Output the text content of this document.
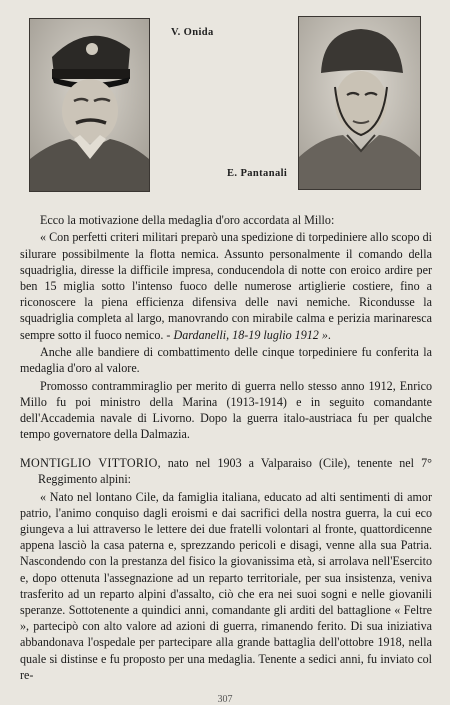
V. Onida
E. Pantanali

Ecco la motivazione della medaglia d'oro accordata al Millo:

« Con perfetti criteri militari preparò una spedizione di torpediniere allo scopo di silurare possibilmente la flotta nemica. Assunto personalmente il comando della squadriglia, diresse la difficile impresa, conducendola di notte con eroico ardire per ben 15 miglia sotto l'intenso fuoco delle numerose artiglierie costiere, fino a riconoscere la piena efficienza difensiva delle navi nemiche. Ricondusse la squadriglia completa al largo, manovrando con mirabile calma e perizia marinaresca sempre sotto il fuoco nemico. - Dardanelli, 18-19 luglio 1912 ».

Anche alle bandiere di combattimento delle cinque torpediniere fu conferita la medaglia d'oro al valore.

Promosso contrammiraglio per merito di guerra nello stesso anno 1912, Enrico Millo fu poi ministro della Marina (1913-1914) e in seguito comandante dell'Accademia navale di Livorno. Dopo la guerra italo-austriaca fu per qualche tempo governatore della Dalmazia.

MONTIGLIO VITTORIO, nato nel 1903 a Valparaiso (Cile), tenente nel 7° Reggimento alpini:

« Nato nel lontano Cile, da famiglia italiana, educato ad alti sentimenti di amor patrio, l'animo conquiso dagli eroismi e dai sacrifici della nostra guerra, la cui eco giungeva a lui attraverso le lettere dei due fratelli volontari al fronte, quattordicenne appena lasciò la casa paterna e, sprezzando pericoli e disagi, venne alla sua Patria. Nascondendo con la prestanza del fisico la giovanissima età, si arrolava nell'Esercito e, dopo ottenuta l'assegnazione ad un reparto territoriale, per sua insistenza, veniva trasferito ad un reparto alpini d'assalto, ciò che era nei suoi sogni e nelle giovanili speranze. Sottotenente a quindici anni, comandante gli arditi del battaglione « Feltre », partecipò con alto valore ad azioni di guerra, rimanendo ferito. Di sua iniziativa abbandonava l'ospedale per partecipare alla grande battaglia dell'ottobre 1918, nella quale si distinse e fu proposto per una medaglia. Tenente a sedici anni, fu inviato col re-

307
